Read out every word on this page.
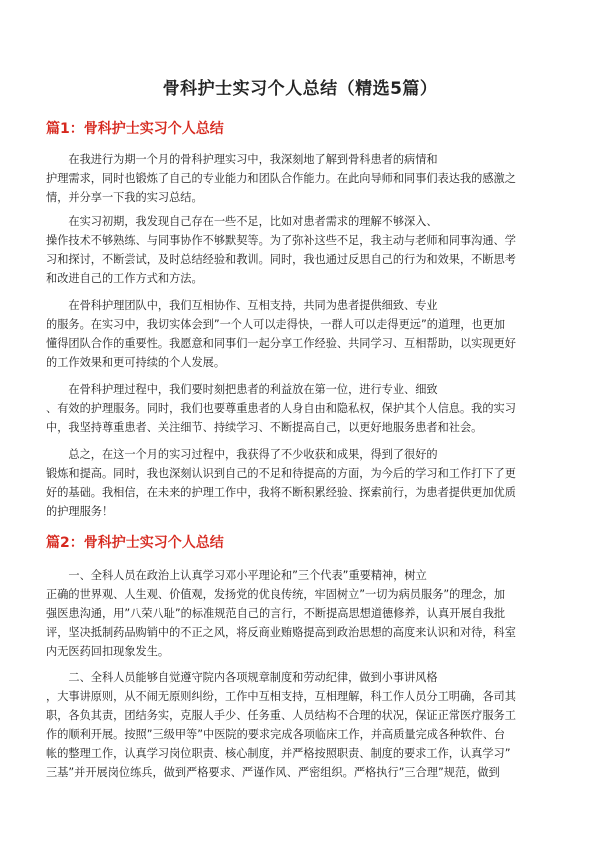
骨科护士实习个人总结（精选5篇）
篇1：骨科护士实习个人总结

　　在我进行为期一个月的骨科护理实习中，我深刻地了解到骨科患者的病情和
护理需求，同时也锻炼了自己的专业能力和团队合作能力。在此向导师和同事们表达我的感激之
情，并分享一下我的实习总结。

　　在实习初期，我发现自己存在一些不足，比如对患者需求的理解不够深入、
操作技术不够熟练、与同事协作不够默契等。为了弥补这些不足，我主动与老师和同事沟通、学
习和探讨，不断尝试，及时总结经验和教训。同时，我也通过反思自己的行为和效果，不断思考
和改进自己的工作方式和方法。

　　在骨科护理团队中，我们互相协作、互相支持，共同为患者提供细致、专业
的服务。在实习中，我切实体会到”一个人可以走得快，一群人可以走得更远”的道理，也更加
懂得团队合作的重要性。我愿意和同事们一起分享工作经验、共同学习、互相帮助，以实现更好
的工作效果和更可持续的个人发展。

　　在骨科护理过程中，我们要时刻把患者的利益放在第一位，进行专业、细致
、有效的护理服务。同时，我们也要尊重患者的人身自由和隐私权，保护其个人信息。我的实习
中，我坚持尊重患者、关注细节、持续学习、不断提高自己，以更好地服务患者和社会。

　　总之，在这一个月的实习过程中，我获得了不少收获和成果，得到了很好的
锻炼和提高。同时，我也深刻认识到自己的不足和待提高的方面，为今后的学习和工作打下了更
好的基础。我相信，在未来的护理工作中，我将不断积累经验、探索前行，为患者提供更加优质
的护理服务！

篇2：骨科护士实习个人总结

　　一、全科人员在政治上认真学习邓小平理论和”三个代表”重要精神，树立
正确的世界观、人生观、价值观，发扬党的优良传统，牢固树立”一切为病员服务”的理念，加
强医患沟通，用”八荣八耻”的标准规范自己的言行，不断提高思想道德修养，认真开展自我批
评，坚决抵制药品购销中的不正之风，将反商业贿赂提高到政治思想的高度来认识和对待，科室
内无医药回扣现象发生。

　　二、全科人员能够自觉遵守院内各项规章制度和劳动纪律，做到小事讲风格
，大事讲原则，从不闹无原则纠纷，工作中互相支持，互相理解，科工作人员分工明确，各司其
职，各负其责，团结务实，克服人手少、任务重、人员结构不合理的状况，保证正常医疗服务工
作的顺利开展。按照”三级甲等”中医院的要求完成各项临床工作，并高质量完成各种软件、台
帐的整理工作，认真学习岗位职责、核心制度，并严格按照职责、制度的要求工作，认真学习”
三基”并开展岗位练兵，做到严格要求、严谨作风、严密组织。严格执行”三合理”规范，做到
